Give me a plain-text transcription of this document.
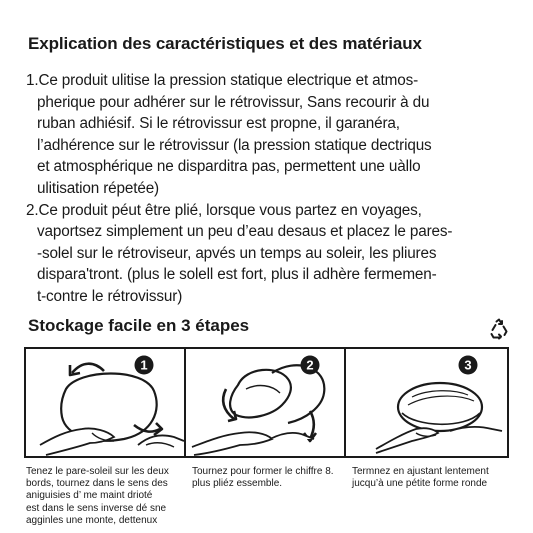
Explication des caractéristiques et des matériaux
1.Ce produit ulitise la pression statique electrique et atmos-
pherique pour adhérer sur le rétrovissur, Sans recourir à du
ruban adhiésif. Si le rétrovissur est propne, il garanéra,
l’adhérence sur le rétrovissur (la pression statique dectriqus
et atmosphérique ne disparditra pas, permettent une uàllo
ulitisation répetée)
2.Ce produit péut être plié, lorsque vous partez en voyages,
vaportsez simplement un peu d’eau desaus et placez le pares-
-solel sur le rétroviseur, apvés un temps au soleir, les pliures
dispara'tront. (plus le solell est fort, plus il adhère fermemen-
t-contre le rétrovissur)
Stockage facile en 3 étapes
1	2	3
Tenez le pare-soleil sur les deux
bords, tournez dans le sens des
aniguisies d’ me maint drioté
est dans le sens inverse dé sne
agginles une monte, dettenux
Tournez pour former le chiffre 8.
plus pliéz essemble.
Termnez en ajustant lentement
jucqu’à une pétite forme ronde
